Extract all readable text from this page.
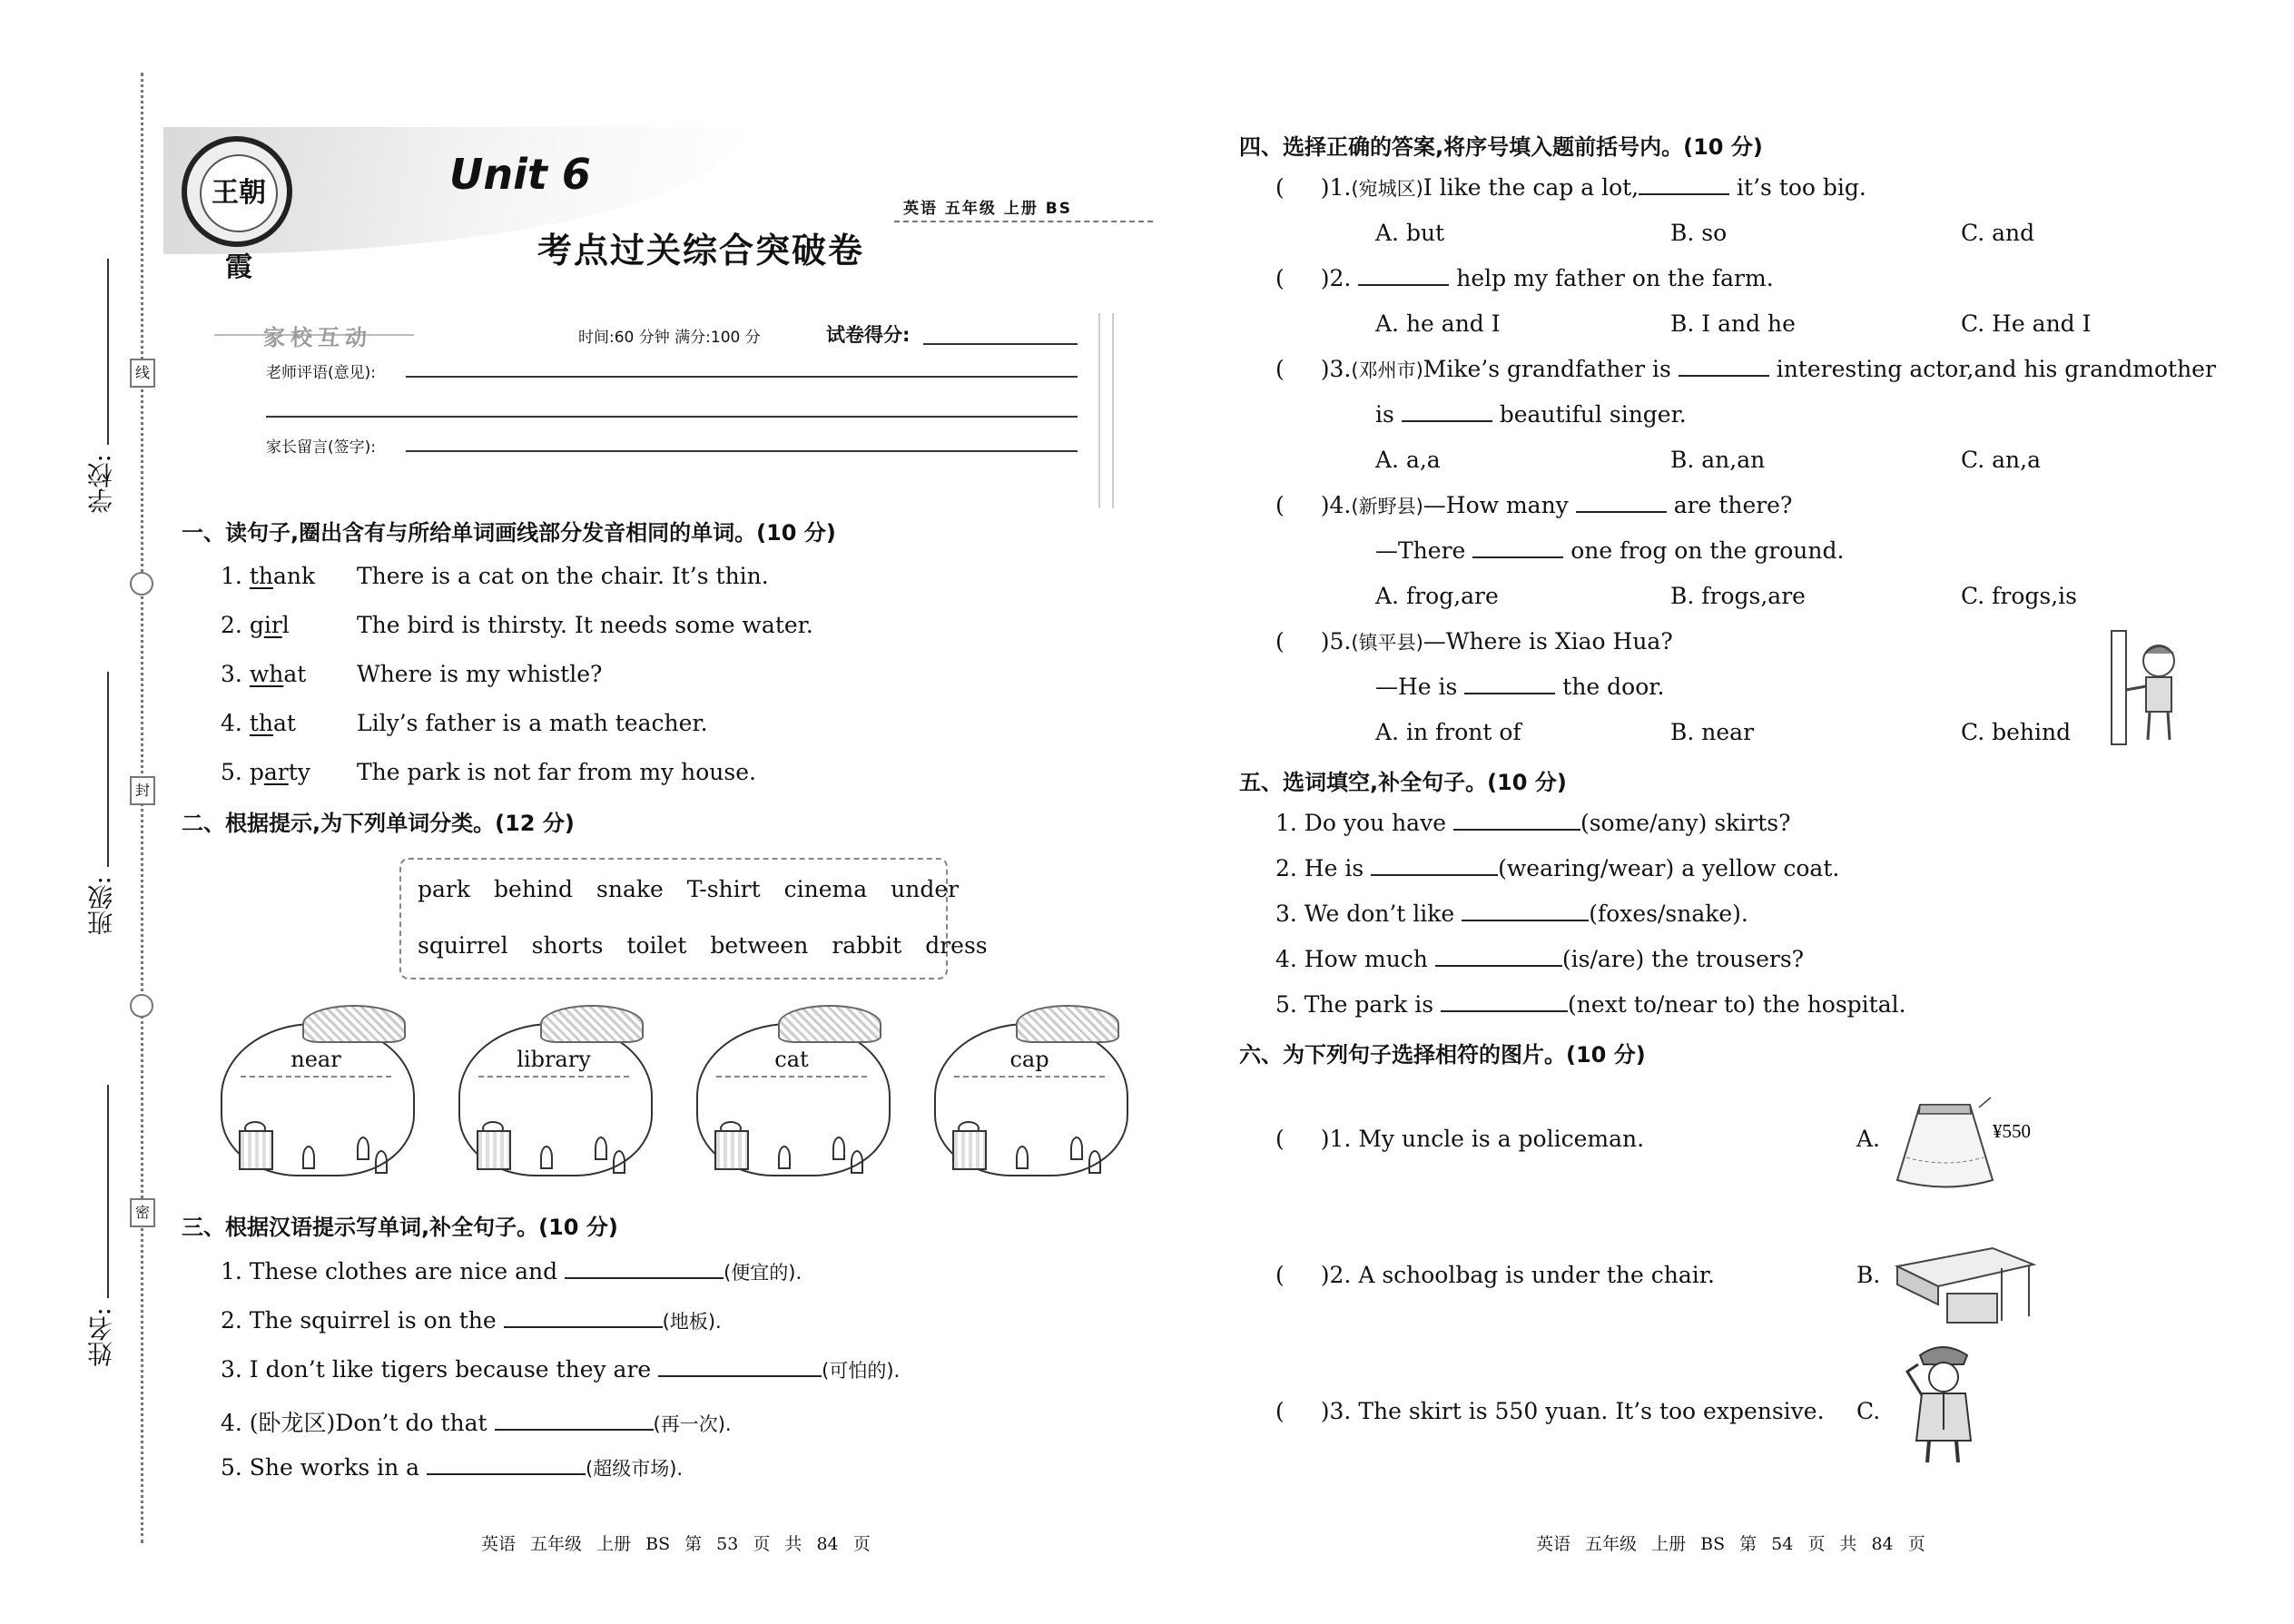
学校:
班级:
姓名:
线
封
密
王朝霞
Unit 6
考点过关综合突破卷
英语 五年级 上册 BS
家校互动	时间:60 分钟 满分:100 分	试卷得分:
老师评语(意见):
家长留言(签字):
一、读句子,圈出含有与所给单词画线部分发音相同的单词。(10 分)
1. thank There is a cat on the chair. It’s thin.
2. girl	The bird is thirsty. It needs some water.
3. what Where is my whistle?
4. that	Lily’s father is a math teacher.
5. party The park is not far from my house.
二、根据提示,为下列单词分类。(12 分)
park behind snake T-shirt cinema under
squirrel shorts toilet between rabbit dress
near	library	cat	cap
三、根据汉语提示写单词,补全句子。(10 分)
1. These clothes are nice and	(便宜的).
2. The squirrel is on the	(地板).
3. I don’t like tigers because they are	(可怕的).
4. (卧龙区)Don’t do that	(再一次).
5. She works in a	(超级市场).
四、选择正确的答案,将序号填入题前括号内。(10 分)
( )1.(宛城区)I like the cap a lot,	it’s too big.
A. but	B. so	C. and
( )2.	help my father on the farm.
A. he and I	B. I and he	C. He and I
( )3.(邓州市)Mike’s grandfather is	interesting actor,and his grandmother
is	beautiful singer.
A. a,a	B. an,an	C. an,a
( )4.(新野县)—How many	are there?
—There	one frog on the ground.
A. frog,are	B. frogs,are	C. frogs,is
( )5.(镇平县)—Where is Xiao Hua?
—He is	the door.
A. in front of	B. near	C. behind
五、选词填空,补全句子。(10 分)
1. Do you have	(some/any) skirts?
2. He is	(wearing/wear) a yellow coat.
3. We don’t like	(foxes/snake).
4. How much	(is/are) the trousers?
5. The park is	(next to/near to) the hospital.
六、为下列句子选择相符的图片。(10 分)
( )1. My uncle is a policeman.	A.
( )2. A schoolbag is under the chair.	B.
( )3. The skirt is 550 yuan. It’s too expensive. C.
¥550
英语 五年级 上册 BS 第 53 页 共 84 页	英语 五年级 上册 BS 第 54 页 共 84 页
